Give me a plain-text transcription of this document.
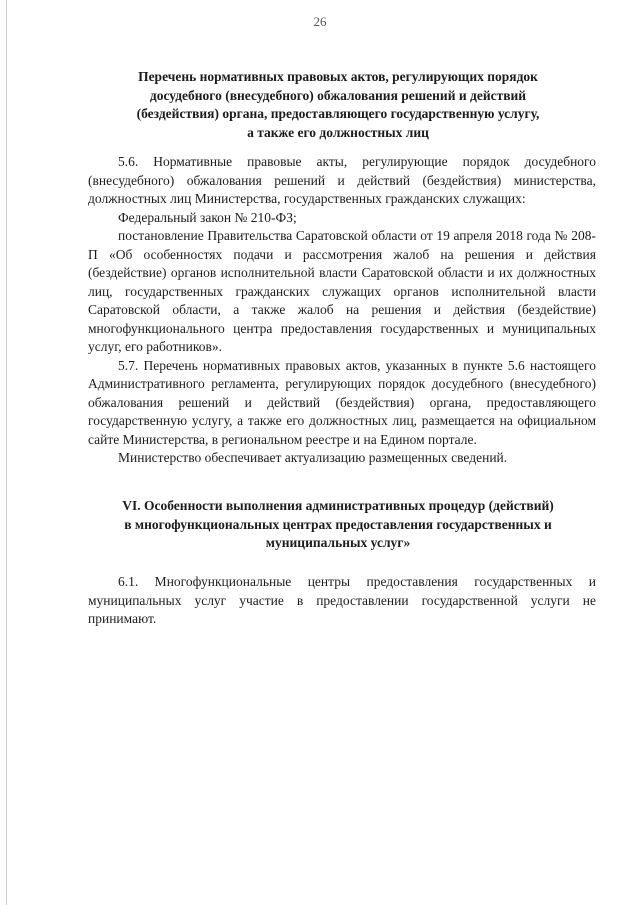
26
Перечень нормативных правовых актов, регулирующих порядок
досудебного (внесудебного) обжалования решений и действий
(бездействия) органа, предоставляющего государственную услугу,
а также его должностных лиц

5.6. Нормативные правовые акты, регулирующие порядок досудебного (внесудебного) обжалования решений и действий (бездействия) министерства, должностных лиц Министерства, государственных гражданских служащих:

Федеральный закон № 210-ФЗ;

постановление Правительства Саратовской области от 19 апреля 2018 года № 208-П «Об особенностях подачи и рассмотрения жалоб на решения и действия (бездействие) органов исполнительной власти Саратовской области и их должностных лиц, государственных гражданских служащих органов исполнительной власти Саратовской области, а также жалоб на решения и действия (бездействие) многофункционального центра предоставления государственных и муниципальных услуг, его работников».

5.7. Перечень нормативных правовых актов, указанных в пункте 5.6 настоящего Административного регламента, регулирующих порядок досудебного (внесудебного) обжалования решений и действий (бездействия) органа, предоставляющего государственную услугу, а также его должностных лиц, размещается на официальном сайте Министерства, в региональном реестре и на Едином портале.

Министерство обеспечивает актуализацию размещенных сведений.

VI. Особенности выполнения административных процедур (действий)
в многофункциональных центрах предоставления государственных и
муниципальных услуг»

6.1. Многофункциональные центры предоставления государственных и муниципальных услуг участие в предоставлении государственной услуги не принимают.
